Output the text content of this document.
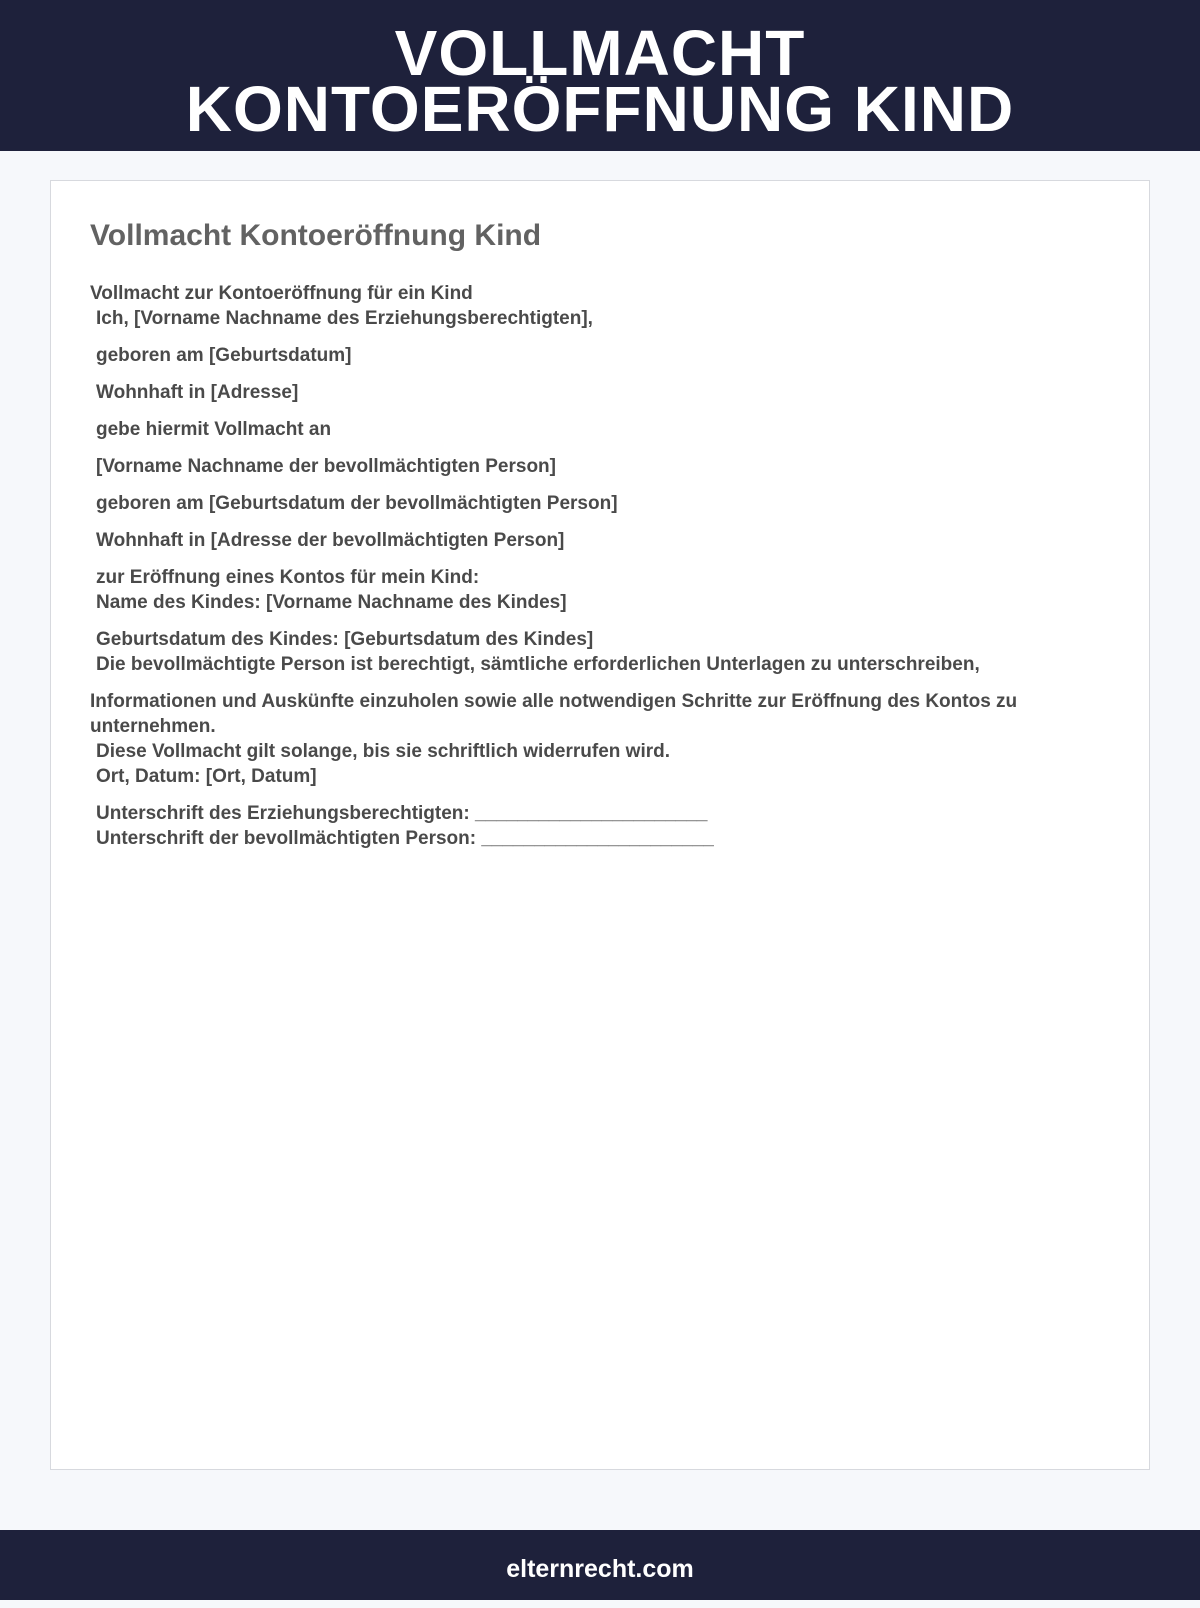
VOLLMACHT
KONTOERÖFFNUNG KIND
Vollmacht Kontoeröffnung Kind
Vollmacht zur Kontoeröffnung für ein Kind
Ich, [Vorname Nachname des Erziehungsberechtigten],
geboren am [Geburtsdatum]
Wohnhaft in [Adresse]
gebe hiermit Vollmacht an
[Vorname Nachname der bevollmächtigten Person]
geboren am [Geburtsdatum der bevollmächtigten Person]
Wohnhaft in [Adresse der bevollmächtigten Person]
zur Eröffnung eines Kontos für mein Kind:
Name des Kindes: [Vorname Nachname des Kindes]
Geburtsdatum des Kindes: [Geburtsdatum des Kindes]
Die bevollmächtigte Person ist berechtigt, sämtliche erforderlichen Unterlagen zu unterschreiben,
Informationen und Auskünfte einzuholen sowie alle notwendigen Schritte zur Eröffnung des Kontos zu unternehmen.
Diese Vollmacht gilt solange, bis sie schriftlich widerrufen wird.
Ort, Datum: [Ort, Datum]
Unterschrift des Erziehungsberechtigten: ______________________
Unterschrift der bevollmächtigten Person: ______________________
elternrecht.com
